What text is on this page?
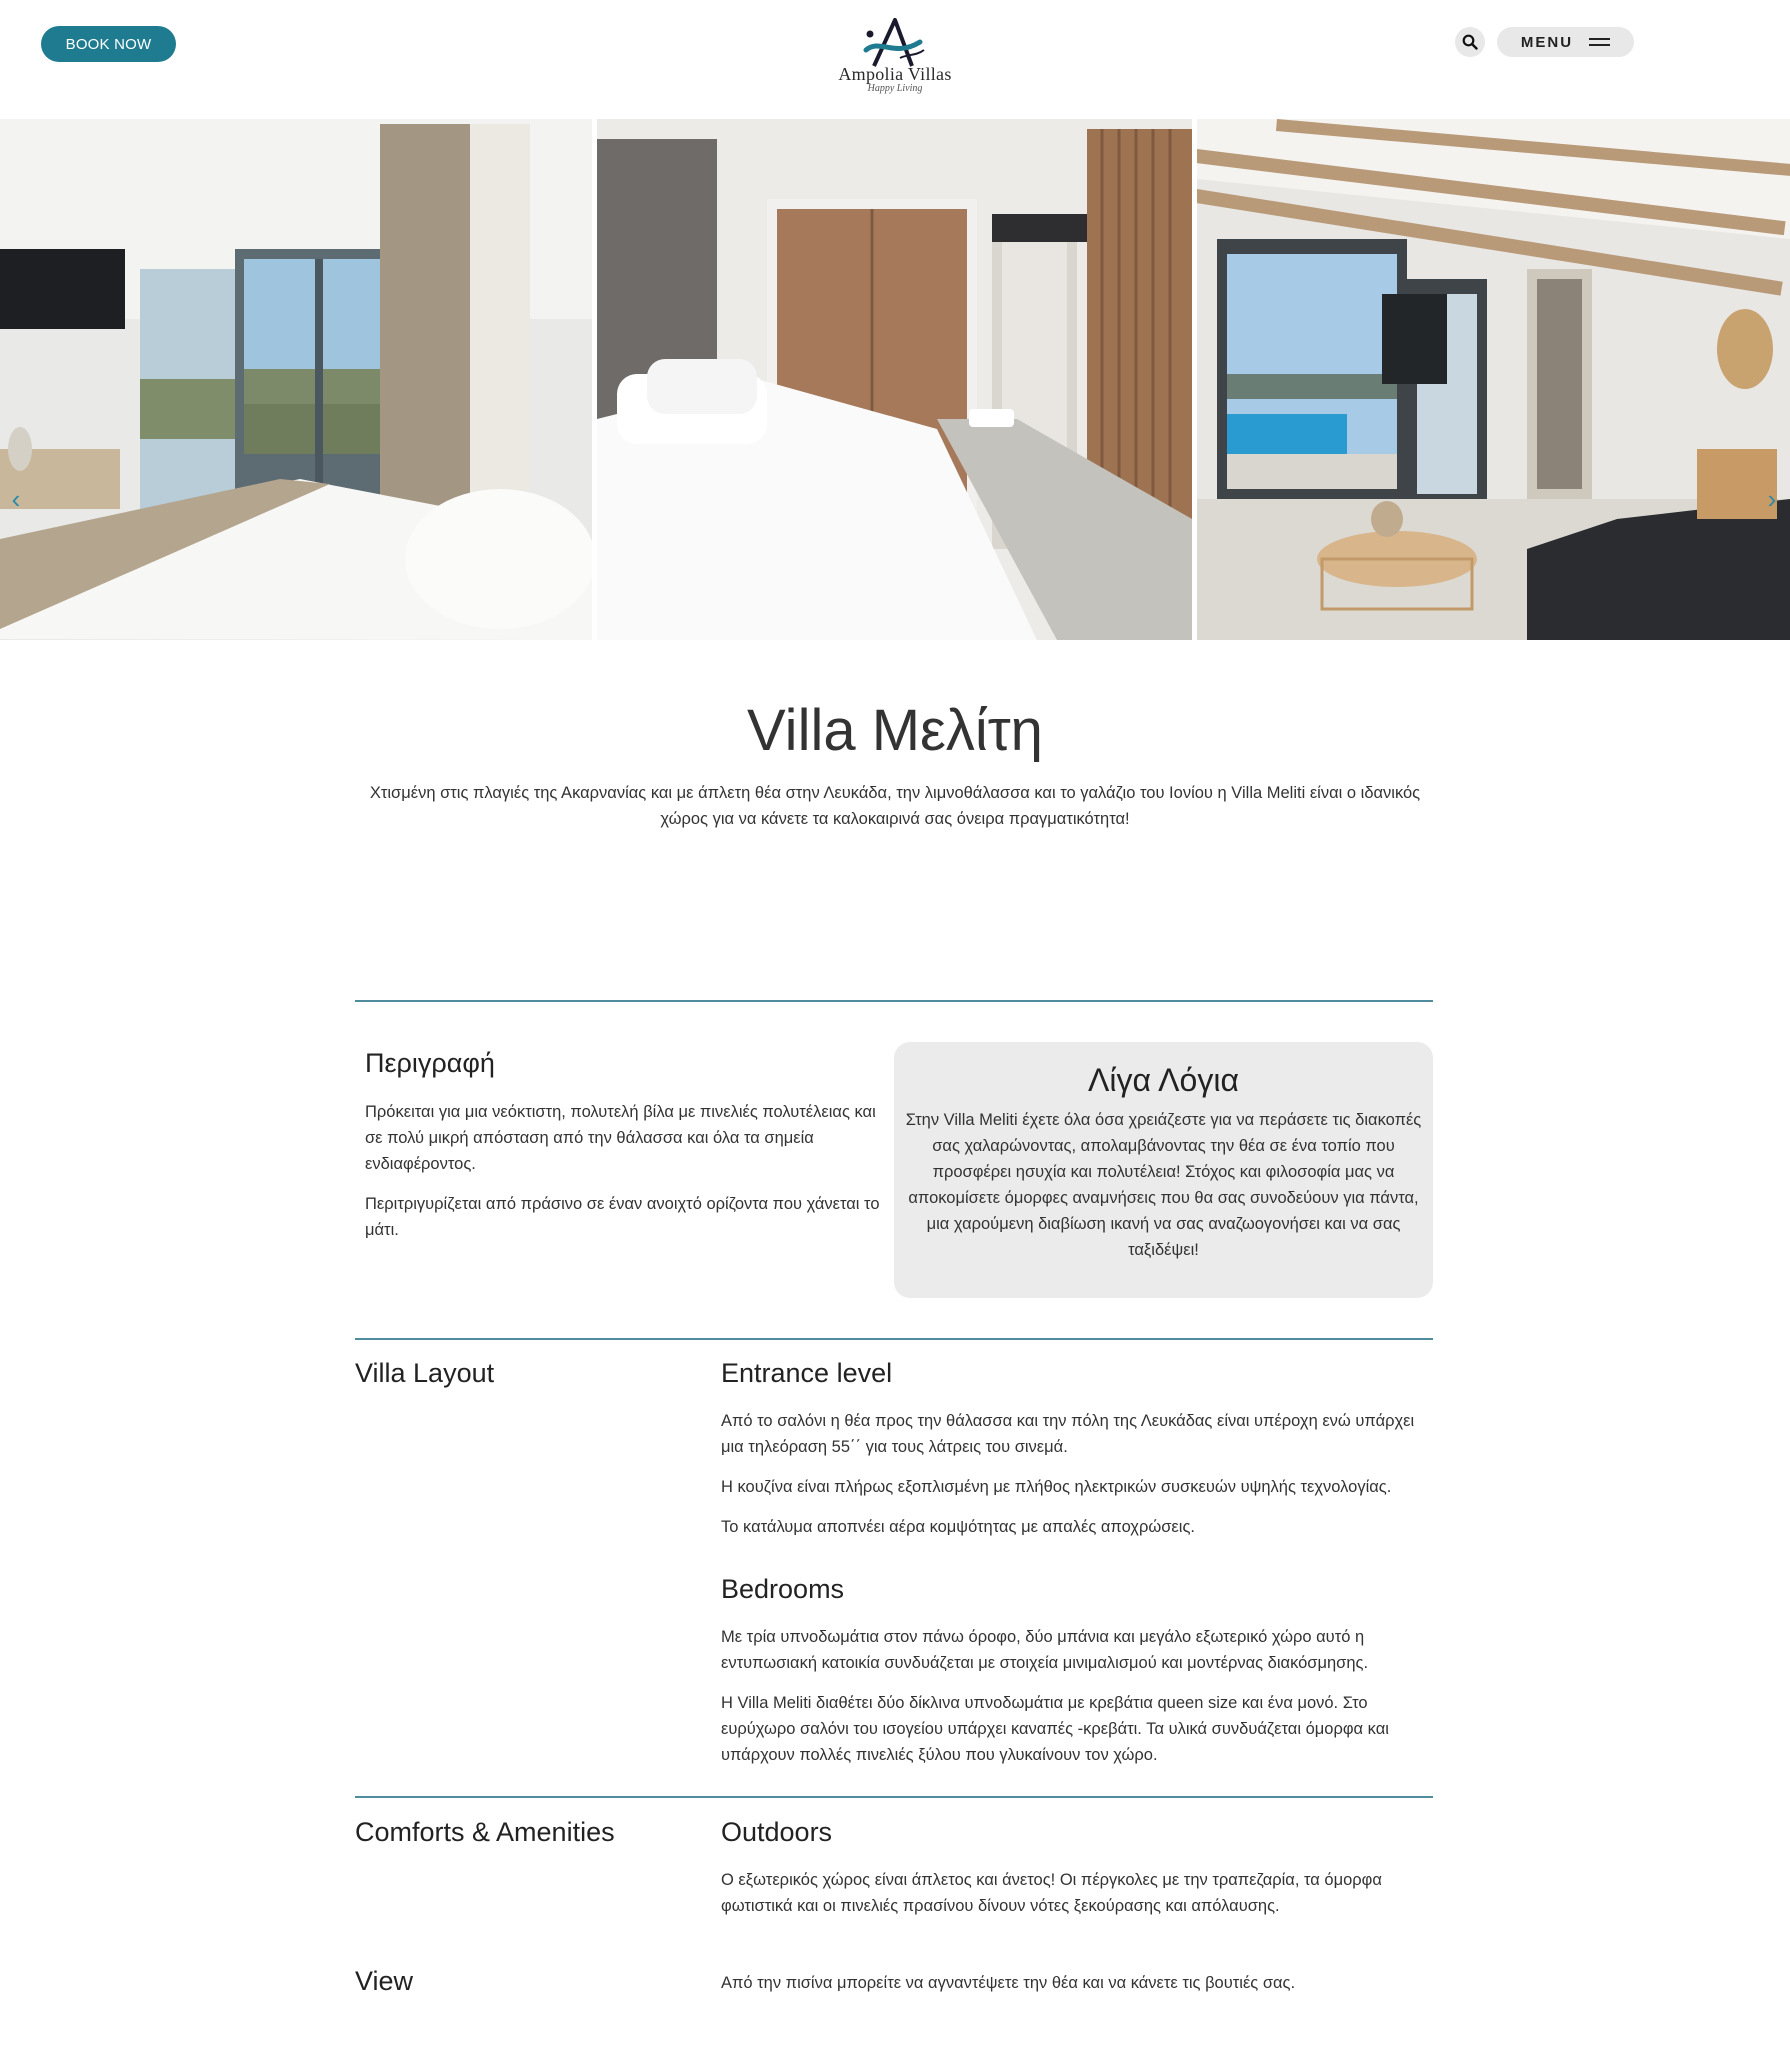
BOOK NOW
Ampolia Villas
Happy Living
MENU
‹	›
Villa Μελίτη
Χτισμένη στις πλαγιές της Ακαρνανίας και με άπλετη θέα στην Λευκάδα, την λιμνοθάλασσα και το γαλάζιο του Ιονίου η Villa Meliti είναι ο ιδανικός χώρος για να κάνετε τα καλοκαιρινά σας όνειρα πραγματικότητα!
Περιγραφή

Πρόκειται για μια νεόκτιστη, πολυτελή βίλα με πινελιές πολυτέλειας και σε πολύ μικρή απόσταση από την θάλασσα και όλα τα σημεία ενδιαφέροντος.

Περιτριγυρίζεται από πράσινο σε έναν ανοιχτό ορίζοντα που χάνεται το μάτι.

Λίγα Λόγια
Στην Villa Meliti έχετε όλα όσα χρειάζεστε για να περάσετε τις διακοπές σας χαλαρώνοντας, απολαμβάνοντας την θέα σε ένα τοπίο που προσφέρει ησυχία και πολυτέλεια! Στόχος και φιλοσοφία μας να αποκομίσετε όμορφες αναμνήσεις που θα σας συνοδεύουν για πάντα, μια χαρούμενη διαβίωση ικανή να σας αναζωογονήσει και να σας ταξιδέψει!
Villa Layout	Entrance level

Από το σαλόνι η θέα προς την θάλασσα και την πόλη της Λευκάδας είναι υπέροχη ενώ υπάρχει μια τηλεόραση 55΄΄ για τους λάτρεις του σινεμά.

Η κουζίνα είναι πλήρως εξοπλισμένη με πλήθος ηλεκτρικών συσκευών υψηλής τεχνολογίας.

Το κατάλυμα αποπνέει αέρα κομψότητας με απαλές αποχρώσεις.

Bedrooms

Με τρία υπνοδωμάτια στον πάνω όροφο, δύο μπάνια και μεγάλο εξωτερικό χώρο αυτό η εντυπωσιακή κατοικία συνδυάζεται με στοιχεία μινιμαλισμού και μοντέρνας διακόσμησης.

Η Villa Meliti διαθέτει δύο δίκλινα υπνοδωμάτια με κρεβάτια queen size και ένα μονό. Στο ευρύχωρο σαλόνι του ισογείου υπάρχει καναπές -κρεβάτι. Τα υλικά συνδυάζεται όμορφα και υπάρχουν πολλές πινελιές ξύλου που γλυκαίνουν τον χώρο.

Comforts & Amenities	Outdoors

Ο εξωτερικός χώρος είναι άπλετος και άνετος! Οι πέργκολες με την τραπεζαρία, τα όμορφα φωτιστικά και οι πινελιές πρασίνου δίνουν νότες ξεκούρασης και απόλαυσης.

View	Από την πισίνα μπορείτε να αγναντέψετε την θέα και να κάνετε τις βουτιές σας.
